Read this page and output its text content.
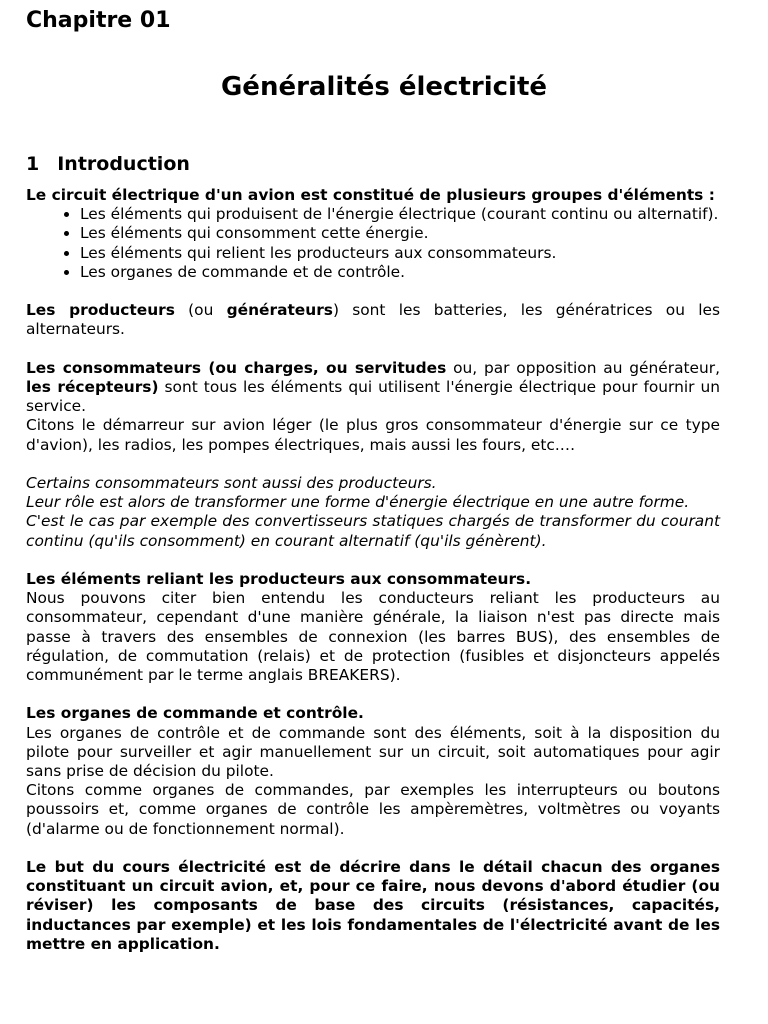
Chapitre 01
Généralités électricité
1 Introduction

Le circuit électrique d'un avion est constitué de plusieurs groupes d'éléments :

• Les éléments qui produisent de l'énergie électrique (courant continu ou alternatif).
• Les éléments qui consomment cette énergie.
• Les éléments qui relient les producteurs aux consommateurs.
• Les organes de commande et de contrôle.

Les producteurs (ou générateurs) sont les batteries, les génératrices ou les alternateurs.

Les consommateurs (ou charges, ou servitudes ou, par opposition au générateur, les récepteurs) sont tous les éléments qui utilisent l'énergie électrique pour fournir un service.

Citons le démarreur sur avion léger (le plus gros consommateur d'énergie sur ce type d'avion), les radios, les pompes électriques, mais aussi les fours, etc.…

Certains consommateurs sont aussi des producteurs.

Leur rôle est alors de transformer une forme d'énergie électrique en une autre forme.

C'est le cas par exemple des convertisseurs statiques chargés de transformer du courant continu (qu'ils consomment) en courant alternatif (qu'ils génèrent).

Les éléments reliant les producteurs aux consommateurs.

Nous pouvons citer bien entendu les conducteurs reliant les producteurs au consommateur, cependant d'une manière générale, la liaison n'est pas directe mais passe à travers des ensembles de connexion (les barres BUS), des ensembles de régulation, de commutation (relais) et de protection (fusibles et disjoncteurs appelés communément par le terme anglais BREAKERS).

Les organes de commande et contrôle.

Les organes de contrôle et de commande sont des éléments, soit à la disposition du pilote pour surveiller et agir manuellement sur un circuit, soit automatiques pour agir sans prise de décision du pilote.

Citons comme organes de commandes, par exemples les interrupteurs ou boutons poussoirs et, comme organes de contrôle les ampèremètres, voltmètres ou voyants (d'alarme ou de fonctionnement normal).

Le but du cours électricité est de décrire dans le détail chacun des organes constituant un circuit avion, et, pour ce faire, nous devons d'abord étudier (ou réviser) les composants de base des circuits (résistances, capacités, inductances par exemple) et les lois fondamentales de l'électricité avant de les mettre en application.
